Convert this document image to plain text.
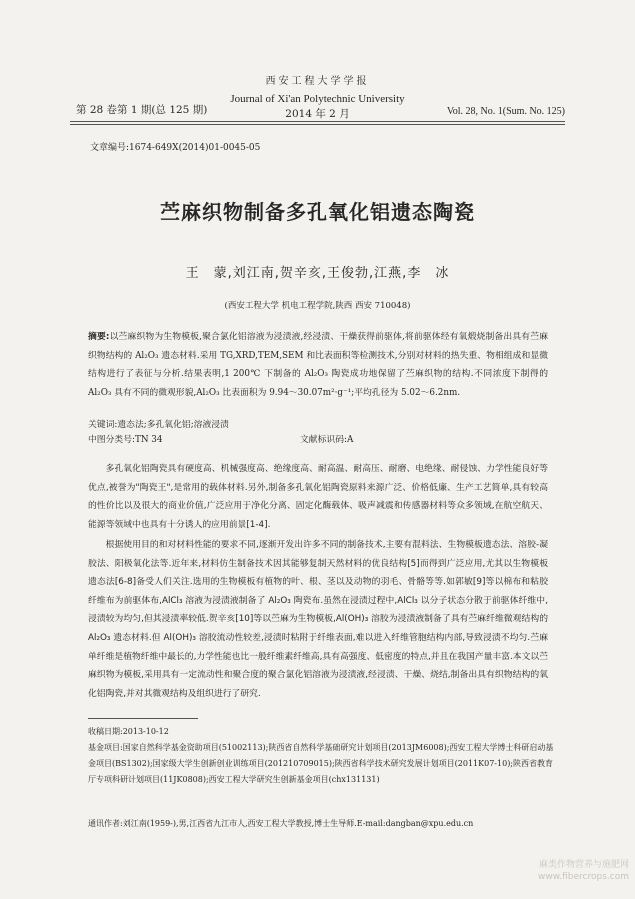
西安工程大学学报
Journal of Xi'an Polytechnic University
第 28 卷第 1 期(总 125 期)	2014 年 2 月	Vol. 28, No. 1(Sum. No. 125)
文章编号:1674-649X(2014)01-0045-05
苎麻织物制备多孔氧化铝遗态陶瓷
王　蒙,刘江南,贺辛亥,王俊勃,江燕,李　冰
(西安工程大学 机电工程学院,陕西 西安 710048)
摘要:以苎麻织物为生物模板,聚合氯化铝溶液为浸渍液,经浸渍、干燥获得前驱体,将前驱体经有氧煅烧制备出具有苎麻织物结构的 Al₂O₃ 遗态材料.采用 TG,XRD,TEM,SEM 和比表面积等检测技术,分别对材料的热失重、物相组成和显微结构进行了表征与分析.结果表明,1 200℃ 下制备的 Al₂O₃ 陶瓷成功地保留了苎麻织物的结构.不同浓度下制得的 Al₂O₃ 具有不同的微观形貌,Al₂O₃ 比表面积为 9.94～30.07m²·g⁻¹;平均孔径为 5.02～6.2nm.
关键词:遗态法;多孔氧化铝;溶液浸渍
中图分类号:TN 34	文献标识码:A
多孔氧化铝陶瓷具有硬度高、机械强度高、绝缘度高、耐高温、耐高压、耐磨、电绝缘、耐侵蚀、力学性能良好等优点,被誉为"陶瓷王",是常用的载体材料.另外,制备多孔氧化铝陶瓷原料来源广泛、价格低廉、生产工艺简单,具有较高的性价比以及很大的商业价值,广泛应用于净化分离、固定化酶载体、吸声减震和传感器材料等众多领域,在航空航天、能源等领域中也具有十分诱人的应用前景[1-4].
根据使用目的和对材料性能的要求不同,逐渐开发出许多不同的制备技术,主要有混料法、生物模板遗态法、溶胶-凝胶法、阳极氧化法等.近年来,材料仿生制备技术因其能够复制天然材料的优良结构[5]而得到广泛应用,尤其以生物模板遗态法[6-8]备受人们关注.选用的生物模板有植物的叶、根、茎以及动物的羽毛、骨骼等等.如郭敏[9]等以棉布和粘胶纤维布为前驱体布,AlCl₃ 溶液为浸渍液制备了 Al₂O₃ 陶瓷布.虽然在浸渍过程中,AlCl₃ 以分子状态分散于前驱体纤维中,浸渍较为均匀,但其浸渍率较低.贺辛亥[10]等以苎麻为生物模板,Al(OH)₃ 溶胶为浸渍液制备了具有苎麻纤维微观结构的 Al₂O₃ 遗态材料.但 Al(OH)₃ 溶胶流动性较差,浸渍时粘附于纤维表面,难以进入纤维管胞结构内部,导致浸渍不均匀.苎麻单纤维是植物纤维中最长的,力学性能也比一般纤维素纤维高,具有高强度、低密度的特点,并且在我国产量丰富.本文以苎麻织物为模板,采用具有一定流动性和聚合度的聚合氯化铝溶液为浸渍液,经浸渍、干燥、烧结,制备出具有织物结构的氧化铝陶瓷,并对其微观结构及组织进行了研究.
收稿日期:2013-10-12
基金项目:国家自然科学基金资助项目(51002113);陕西省自然科学基础研究计划项目(2013JM6008);西安工程大学博士科研启动基金项目(BS1302);国家级大学生创新创业训练项目(201210709015);陕西省科学技术研究发展计划项目(2011K07-10);陕西省教育厅专项科研计划项目(11JK0808);西安工程大学研究生创新基金项目(chx131131)
通讯作者:刘江南(1959-),男,江西省九江市人,西安工程大学教授,博士生导师.E-mail:dangban@xpu.edu.cn
麻类作物营养与施肥网
www.fibercrops.com
